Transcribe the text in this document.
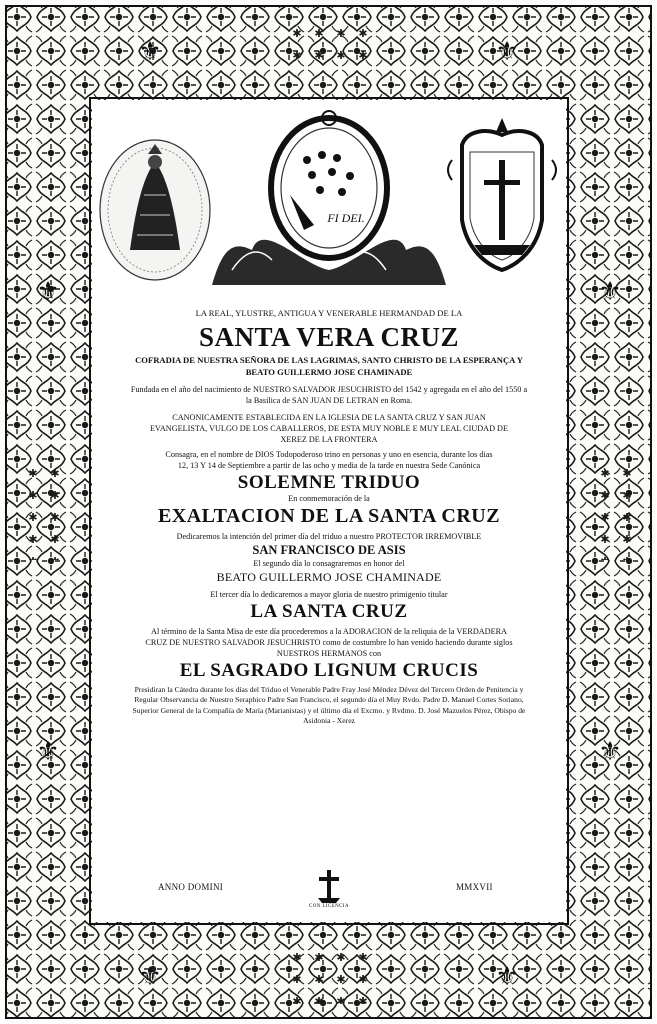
⚜	⚜
⚜	⚜
⚜	⚜
⚜	⚜
FI DEI.

LA REAL, YLUSTRE, ANTIGUA Y VENERABLE HERMANDAD DE LA

SANTA VERA CRUZ

COFRADIA DE NUESTRA SEÑORA DE LAS LAGRIMAS, SANTO CHRISTO DE LA ESPERANÇA Y

BEATO GUILLERMO JOSE CHAMINADE

Fundada en el año del nacimiento de NUESTRO SALVADOR JESUCHRISTO del 1542 y agregada en el año del 1550 a

la Basilica de SAN JUAN DE LETRAN en Roma.

CANONICAMENTE ESTABLECIDA EN LA IGLESIA DE LA SANTA CRUZ Y SAN JUAN

EVANGELISTA, VULGO DE LOS CABALLEROS, DE ESTA MUY NOBLE E MUY LEAL CIUDAD DE

XEREZ DE LA FRONTERA

Consagra, en el nombre de DIOS Todopoderoso trino en personas y uno en esencia, durante los dias

12, 13 Y 14 de Septiembre a partir de las ocho y media de la tarde en nuestra Sede Canónica

SOLEMNE TRIDUO

En conmemoración de la

EXALTACION DE LA SANTA CRUZ

Dedicaremos la intención del primer día del triduo a nuestro PROTECTOR IRREMOVIBLE

SAN FRANCISCO DE ASIS

El segundo día lo consagraremos en honor del

BEATO GUILLERMO JOSE CHAMINADE

El tercer día lo dedicaremos a mayor gloria de nuestro primigenio titular

LA SANTA CRUZ

Al término de la Santa Misa de este día procederemos a la ADORACION de la reliquia de la VERDADERA

CRUZ DE NUESTRO SALVADOR JESUCHRISTO como de costumbre lo han venido haciendo durante siglos

NUESTROS HERMANOS con

EL SAGRADO LIGNUM CRUCIS

Presidiran la Cátedra durante los días del Triduo el Venerable Padre Fray José Méndez Dévez del Tercero Orden de Penitencia y

Regular Observancia de Nuestro Seraphico Padre San Francisco, el segundo día el Muy Rvdo. Padre D. Manuel Cortes Soriano,

Superior General de la Compañía de María (Marianistas) y el último día el Excmo. y Rvdmo. D. José Mazuelos Pérez, Obispo de

Asidonia - Xerez

ANNO DOMINI
CON LICENCIA
MMXVII
